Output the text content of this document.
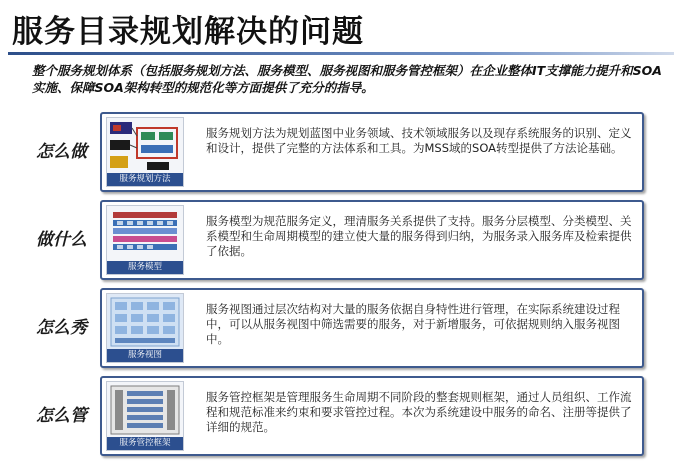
服务目录规划解决的问题
整个服务规划体系（包括服务规划方法、服务模型、服务视图和服务管控框架）在企业整体IT支撑能力提升和SOA实施、保障SOA架构转型的规范化等方面提供了充分的指导。
怎么做
服务规划方法
服务规划方法为规划蓝图中业务领域、技术领域服务以及现存系统服务的识别、定义和设计，提供了完整的方法体系和工具。为MSS域的SOA转型提供了方法论基础。
做什么
服务模型
服务模型为规范服务定义，理清服务关系提供了支持。服务分层模型、分类模型、关系模型和生命周期模型的建立使大量的服务得到归纳，为服务录入服务库及检索提供了依据。
怎么秀
服务视图
服务视图通过层次结构对大量的服务依据自身特性进行管理，在实际系统建设过程中，可以从服务视图中筛选需要的服务，对于新增服务，可依据规则纳入服务视图中。
怎么管
服务管控框架
服务管控框架是管理服务生命周期不同阶段的整套规则框架，通过人员组织、工作流程和规范标准来约束和要求管控过程。本次为系统建设中服务的命名、注册等提供了详细的规范。
